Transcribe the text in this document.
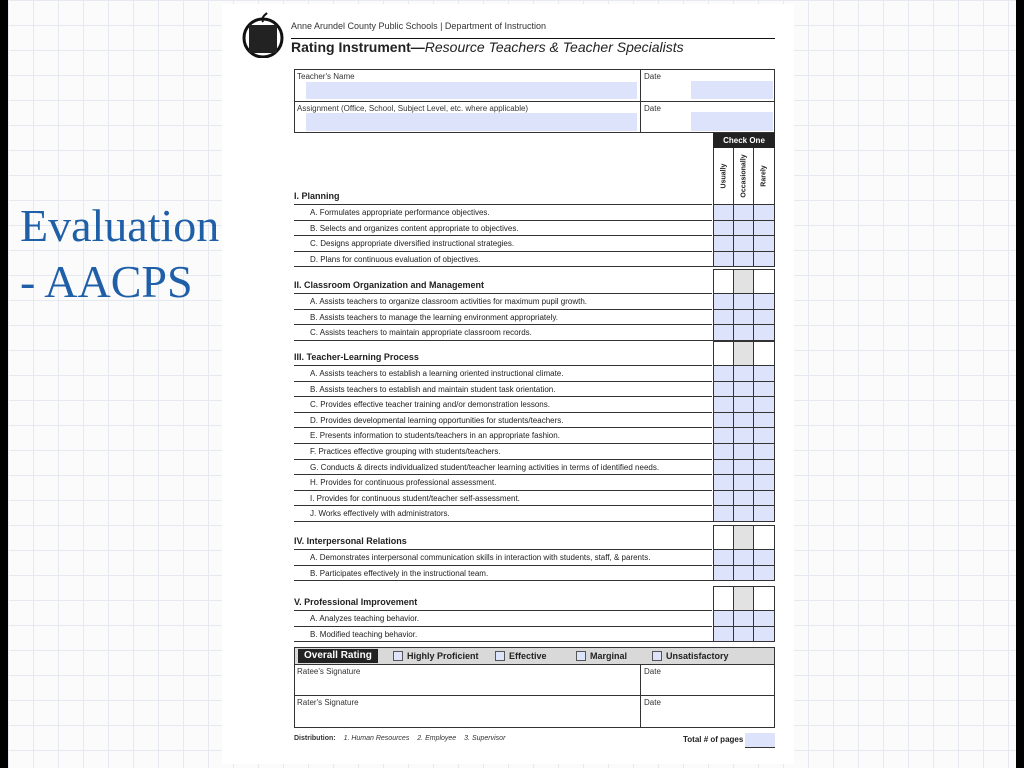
Evaluation
- AACPS
Anne Arundel County Public Schools | Department of Instruction
Rating Instrument—Resource Teachers & Teacher Specialists
Teacher's Name	Date
Assignment (Office, School, Subject Level, etc. where applicable)	Date
Check One
Usually Occasionally Rarely
I. Planning
A. Formulates appropriate performance objectives.
B. Selects and organizes content appropriate to objectives.
C. Designs appropriate diversified instructional strategies.
D. Plans for continuous evaluation of objectives.
II. Classroom Organization and Management
A. Assists teachers to organize classroom activities for maximum pupil growth.
B. Assists teachers to manage the learning environment appropriately.
C. Assists teachers to maintain appropriate classroom records.
III. Teacher-Learning Process
A. Assists teachers to establish a learning oriented instructional climate.
B. Assists teachers to establish and maintain student task orientation.
C. Provides effective teacher training and/or demonstration lessons.
D. Provides developmental learning opportunities for students/teachers.
E. Presents information to students/teachers in an appropriate fashion.
F. Practices effective grouping with students/teachers.
G. Conducts & directs individualized student/teacher learning activities in terms of identified needs.
H. Provides for continuous professional assessment.
I. Provides for continuous student/teacher self-assessment.
J. Works effectively with administrators.
IV. Interpersonal Relations
A. Demonstrates interpersonal communication skills in interaction with students, staff, & parents.
B. Participates effectively in the instructional team.
V. Professional Improvement
A. Analyzes teaching behavior.
B. Modified teaching behavior.
Overall Rating	Highly Proficient	Effective	Marginal	Unsatisfactory
Ratee's Signature	Date
Rater's Signature	Date
Distribution: 1. Human Resources 2. Employee 3. Supervisor	Total # of pages
